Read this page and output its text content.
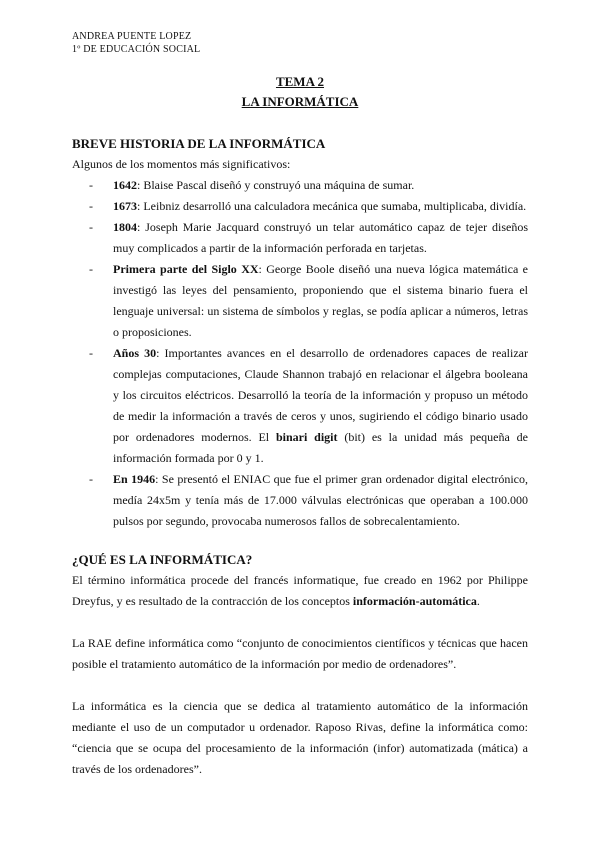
ANDREA PUENTE LOPEZ
1º DE EDUCACIÓN SOCIAL
TEMA 2
LA INFORMÁTICA
BREVE HISTORIA DE LA INFORMÁTICA

Algunos de los momentos más significativos:

- 1642: Blaise Pascal diseñó y construyó una máquina de sumar.
- 1673: Leibniz desarrolló una calculadora mecánica que sumaba, multiplicaba, dividía.
- 1804: Joseph Marie Jacquard construyó un telar automático capaz de tejer diseños muy complicados a partir de la información perforada en tarjetas.
- Primera parte del Siglo XX: George Boole diseñó una nueva lógica matemática e investigó las leyes del pensamiento, proponiendo que el sistema binario fuera el lenguaje universal: un sistema de símbolos y reglas, se podía aplicar a números, letras o proposiciones.
- Años 30: Importantes avances en el desarrollo de ordenadores capaces de realizar complejas computaciones, Claude Shannon trabajó en relacionar el álgebra booleana y los circuitos eléctricos. Desarrolló la teoría de la información y propuso un método de medir la información a través de ceros y unos, sugiriendo el código binario usado por ordenadores modernos. El binari digit (bit) es la unidad más pequeña de información formada por 0 y 1.
- En 1946: Se presentó el ENIAC que fue el primer gran ordenador digital electrónico, medía 24x5m y tenía más de 17.000 válvulas electrónicas que operaban a 100.000 pulsos por segundo, provocaba numerosos fallos de sobrecalentamiento.
¿QUÉ ES LA INFORMÁTICA?

El término informática procede del francés informatique, fue creado en 1962 por Philippe Dreyfus, y es resultado de la contracción de los conceptos información-automática.

La RAE define informática como “conjunto de conocimientos científicos y técnicas que hacen posible el tratamiento automático de la información por medio de ordenadores”.

La informática es la ciencia que se dedica al tratamiento automático de la información mediante el uso de un computador u ordenador. Raposo Rivas, define la informática como: “ciencia que se ocupa del procesamiento de la información (infor) automatizada (mática) a través de los ordenadores”.
